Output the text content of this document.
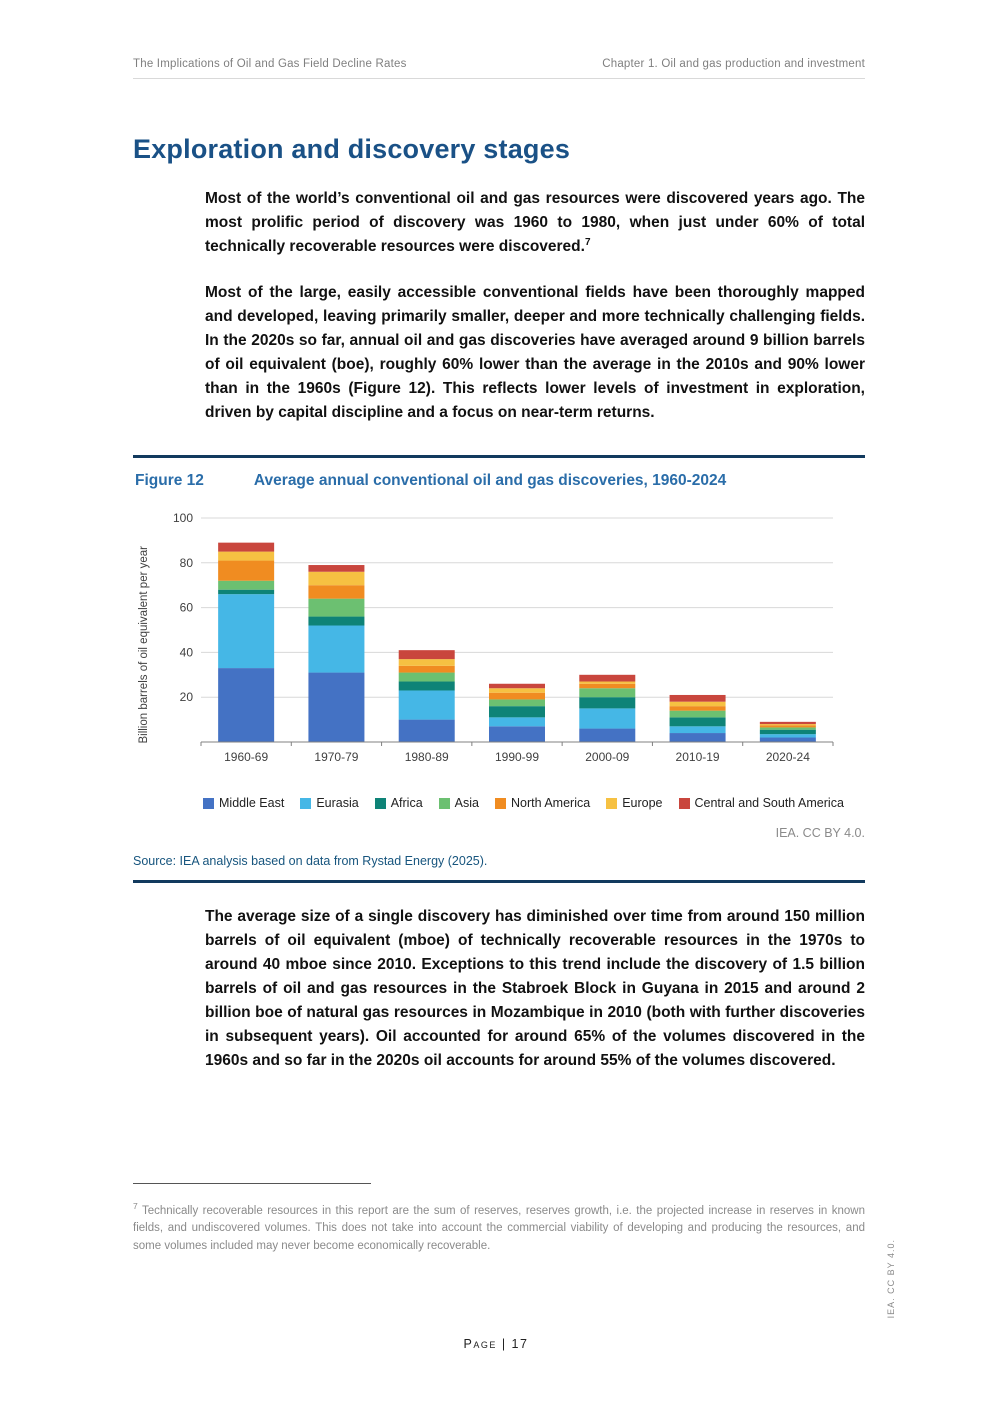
The Implications of Oil and Gas Field Decline Rates	Chapter 1. Oil and gas production and investment
Exploration and discovery stages

Most of the world’s conventional oil and gas resources were discovered years ago. The most prolific period of discovery was 1960 to 1980, when just under 60% of total technically recoverable resources were discovered.$^7$

Most of the large, easily accessible conventional fields have been thoroughly mapped and developed, leaving primarily smaller, deeper and more technically challenging fields. In the 2020s so far, annual oil and gas discoveries have averaged around 9 billion barrels of oil equivalent (boe), roughly 60% lower than the average in the 2010s and 90% lower than in the 1960s (Figure 12). This reflects lower levels of investment in exploration, driven by capital discipline and a focus on near-term returns.

Figure 12	Average annual conventional oil and gas discoveries, 1960-2024
Billion barrels of oil equivalent per year 20
40
60
80
100
1960-69	1970-79	1980-89	1990-99	2000-09	2010-19	2020-24
Middle East	Eurasia	Africa	Asia	North America	Europe	Central and South America
IEA. CC BY 4.0.
Source: IEA analysis based on data from Rystad Energy (2025).

The average size of a single discovery has diminished over time from around 150 million barrels of oil equivalent (mboe) of technically recoverable resources in the 1970s to around 40 mboe since 2010. Exceptions to this trend include the discovery of 1.5 billion barrels of oil and gas resources in the Stabroek Block in Guyana in 2015 and around 2 billion boe of natural gas resources in Mozambique in 2010 (both with further discoveries in subsequent years). Oil accounted for around 65% of the volumes discovered in the 1960s and so far in the 2020s oil accounts for around 55% of the volumes discovered.

$^7$ Technically recoverable resources in this report are the sum of reserves, reserves growth, i.e. the projected increase in reserves in known fields, and undiscovered volumes. This does not take into account the commercial viability of developing and producing the resources, and some volumes included may never become economically recoverable.
Page | 17
IEA. CC BY 4.0.
